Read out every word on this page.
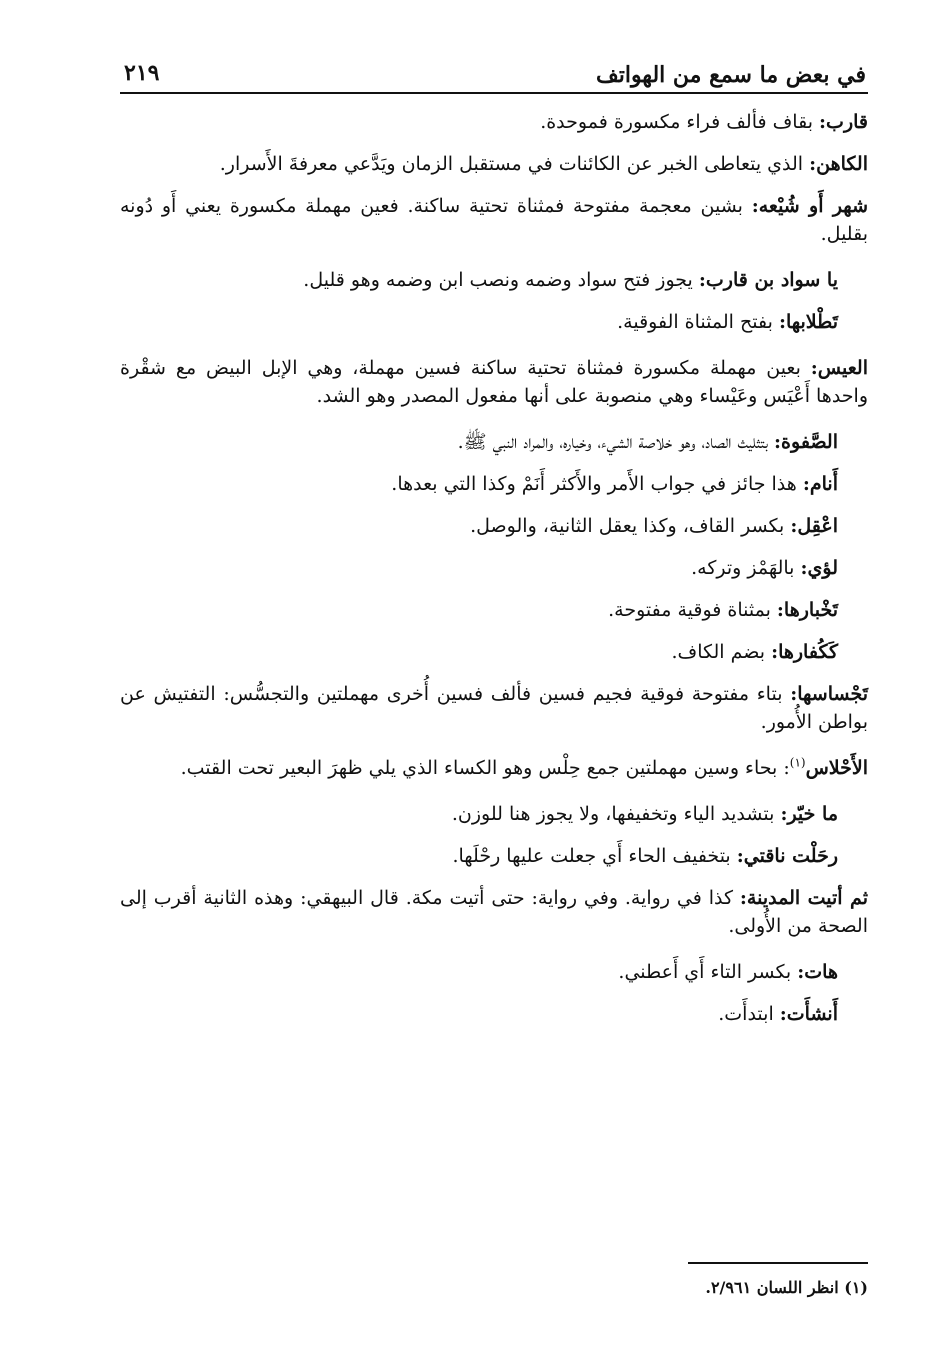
في بعض ما سمع من الهواتف
٢١٩

قارب: بقاف فألف فراء مكسورة فموحدة.

الكاهن: الذي يتعاطى الخبر عن الكائنات في مستقبل الزمان ويَدَّعي معرفةَ الأَسرار.

شهر أَو شُيْعه: بشين معجمة مفتوحة فمثناة تحتية ساكنة. فعين مهملة مكسورة يعني أَو دُونه بقليل.

يا سواد بن قارب: يجوز فتح سواد وضمه ونصب ابن وضمه وهو قليل.

تَطْلابها: بفتح المثناة الفوقية.

العيس: بعين مهملة مكسورة فمثناة تحتية ساكنة فسين مهملة، وهي الإبل البيض مع شقْرة واحدها أَعْيَس وعَيْساء وهي منصوبة على أنها مفعول المصدر وهو الشد.

الصَّفوة: بتثليث الصاد، وهو خلاصة الشيء، وخياره، والمراد النبي ﷺ.

أَنام: هذا جائز في جواب الأَمر والأَكثر أَنَمْ وكذا التي بعدها.

اعْقِل: بكسر القاف، وكذا يعقل الثانية، والوصل.

لؤي: بالهَمْز وتركه.

تَخْبارها: بمثناة فوقية مفتوحة.

كَكُفارها: بضم الكاف.

تَجْساسها: بتاء مفتوحة فوقية فجيم فسين فألف فسين أُخرى مهملتين والتجسُّس: التفتيش عن بواطن الأُمور.

الأَحْلاس$^{(١)}$: بحاء وسين مهملتين جمع حِلْس وهو الكساء الذي يلي ظهرَ البعير تحت القتب.

ما خيّر: بتشديد الياء وتخفيفها، ولا يجوز هنا للوزن.

رحَلْت ناقتي: بتخفيف الحاء أَي جعلت عليها رحْلَها.

ثم أتيت المدينة: كذا في رواية. وفي رواية: حتى أتيت مكة. قال البيهقي: وهذه الثانية أقرب إلى الصحة من الأُولى.

هات: بكسر التاء أَي أَعطني.

أَنشأَت: ابتدأَت.

(١) انظر اللسان ٢/٩٦١.
